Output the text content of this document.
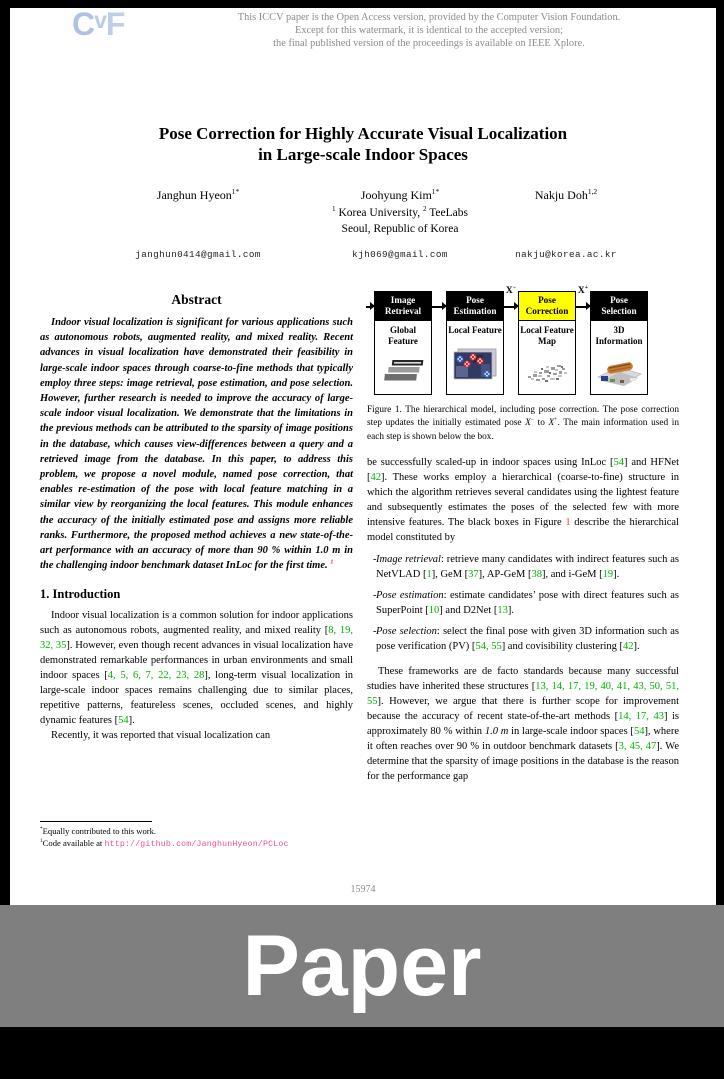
C v F	This ICCV paper is the Open Access version, provided by the Computer Vision Foundation.
Except for this watermark, it is identical to the accepted version;
the final published version of the proceedings is available on IEEE Xplore.
Pose Correction for Highly Accurate Visual Localization
in Large-scale Indoor Spaces
Janghun Hyeon$^{1*}$	Joohyung Kim$^{1*}$	Nakju Doh$^{1,2}$
$^1$ Korea University, $^2$ TeeLabs
Seoul, Republic of Korea
janghun0414@gmail.com	kjh069@gmail.com	nakju@korea.ac.kr
Abstract
Indoor visual localization is significant for various applications such as autonomous robots, augmented reality, and mixed reality. Recent advances in visual localization have demonstrated their feasibility in large-scale indoor spaces through coarse-to-fine methods that typically employ three steps: image retrieval, pose estimation, and pose selection. However, further research is needed to improve the accuracy of large-scale indoor visual localization. We demonstrate that the limitations in the previous methods can be attributed to the sparsity of image positions in the database, which causes view-differences between a query and a retrieved image from the database. In this paper, to address this problem, we propose a novel module, named pose correction, that enables re-estimation of the pose with local feature matching in a similar view by reorganizing the local features. This module enhances the accuracy of the initially estimated pose and assigns more reliable ranks. Furthermore, the proposed method achieves a new state-of-the-art performance with an accuracy of more than 90 % within 1.0 m in the challenging indoor benchmark dataset InLoc for the first time. $^1$
1. Introduction
Indoor visual localization is a common solution for indoor applications such as autonomous robots, augmented reality, and mixed reality [8, 19, 32, 35]. However, even though recent advances in visual localization have demonstrated remarkable performances in urban environments and small indoor spaces [4, 5, 6, 7, 22, 23, 28], long-term visual localization in large-scale indoor spaces remains challenging due to similar places, repetitive patterns, featureless scenes, occluded scenes, and highly dynamic features [54].
Recently, it was reported that visual localization can
*Equally contributed to this work.
$^1$Code available at http://github.com/JanghunHyeon/PCLoc
Image Retrieval
Global Feature
Pose Estimation
Local Feature
X−
Pose Correction
Local Feature Map
X+
Pose Selection
3D Information
Figure 1. The hierarchical model, including pose correction. The pose correction step updates the initially estimated pose X− to X+. The main information used in each step is shown below the box.
be successfully scaled-up in indoor spaces using InLoc [54] and HFNet [42]. These works employ a hierarchical (coarse-to-fine) structure in which the algorithm retrieves several candidates using the lightest feature and subsequently estimates the poses of the selected few with more intensive features. The black boxes in Figure 1 describe the hierarchical model constituted by
- Image retrieval: retrieve many candidates with indirect features such as NetVLAD [1], GeM [37], AP-GeM [38], and i-GeM [19].
- Pose estimation: estimate candidates’ pose with direct features such as SuperPoint [10] and D2Net [13].
- Pose selection: select the final pose with given 3D information such as pose verification (PV) [54, 55] and covisibility clustering [42].
These frameworks are de facto standards because many successful studies have inherited these structures [13, 14, 17, 19, 40, 41, 43, 50, 51, 55]. However, we argue that there is further scope for improvement because the accuracy of recent state-of-the-art methods [14, 17, 43] is approximately 80 % within 1.0 m in large-scale indoor spaces [54], where it often reaches over 90 % in outdoor benchmark datasets [3, 45, 47]. We determine that the sparsity of image positions in the database is the reason for the performance gap
15974
Paper
